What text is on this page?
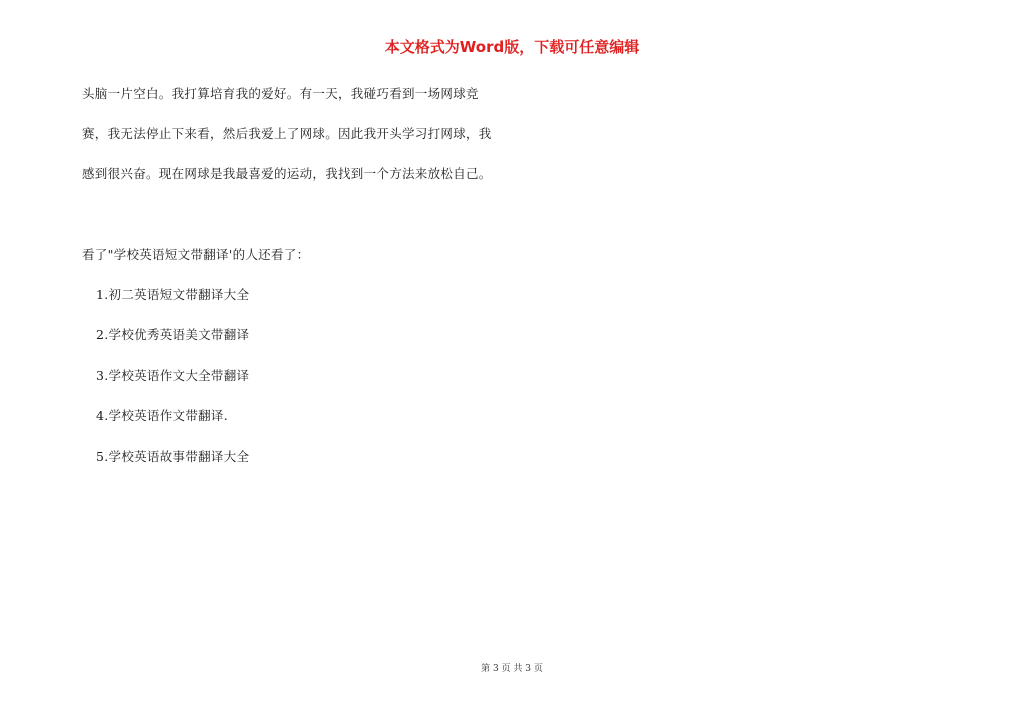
本文格式为Word版，下载可任意编辑
头脑一片空白。我打算培育我的爱好。有一天，我碰巧看到一场网球竞
赛，我无法停止下来看，然后我爱上了网球。因此我开头学习打网球，我
感到很兴奋。现在网球是我最喜爱的运动，我找到一个方法来放松自己。
看了"学校英语短文带翻译'的人还看了：
1.初二英语短文带翻译大全
2.学校优秀英语美文带翻译
3.学校英语作文大全带翻译
4.学校英语作文带翻译.
5.学校英语故事带翻译大全
第 3 页 共 3 页
